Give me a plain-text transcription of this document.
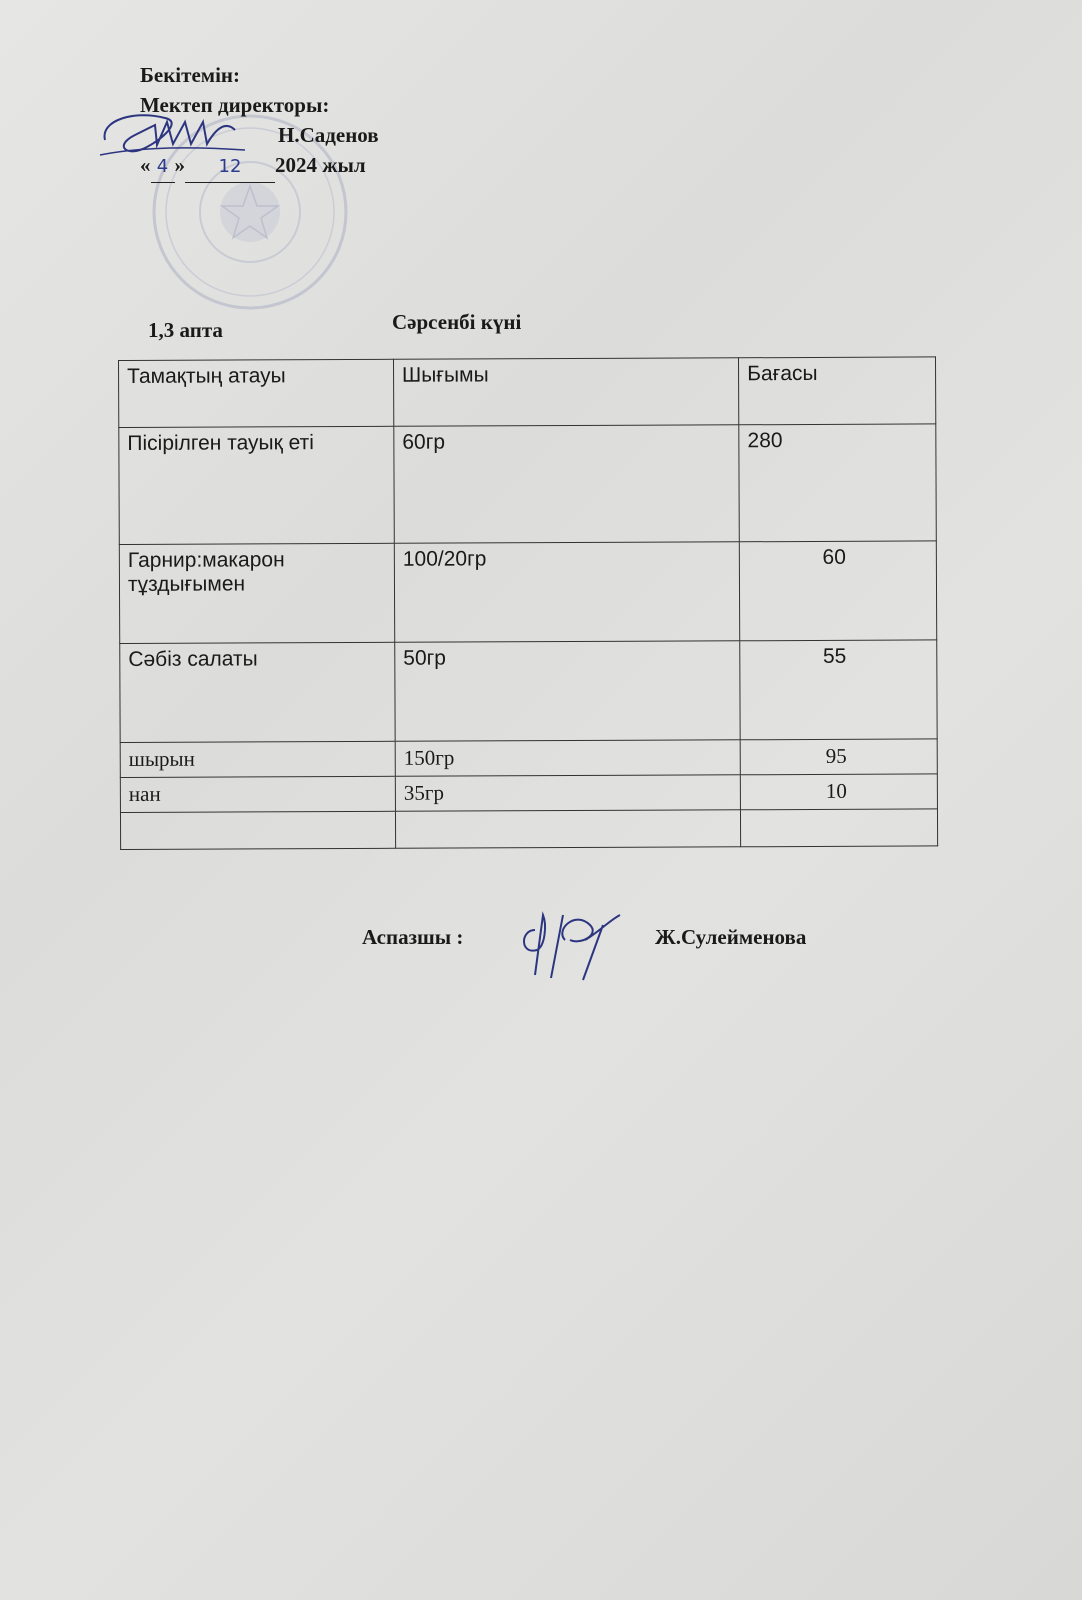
Бекітемін:
Мектеп директоры:
Н.Саденов
« 4 » 12 2024 жыл
1,3 апта	Сәрсенбі күні
Тамақтың атауы	Шығымы	Бағасы
Пісірілген тауық еті	60гр	280
Гарнир:макарон тұздығымен	100/20гр	60
Сәбіз салаты	50гр	55
шырын	150гр	95
нан	35гр	10

Аспазшы :	Ж.Сулейменова
